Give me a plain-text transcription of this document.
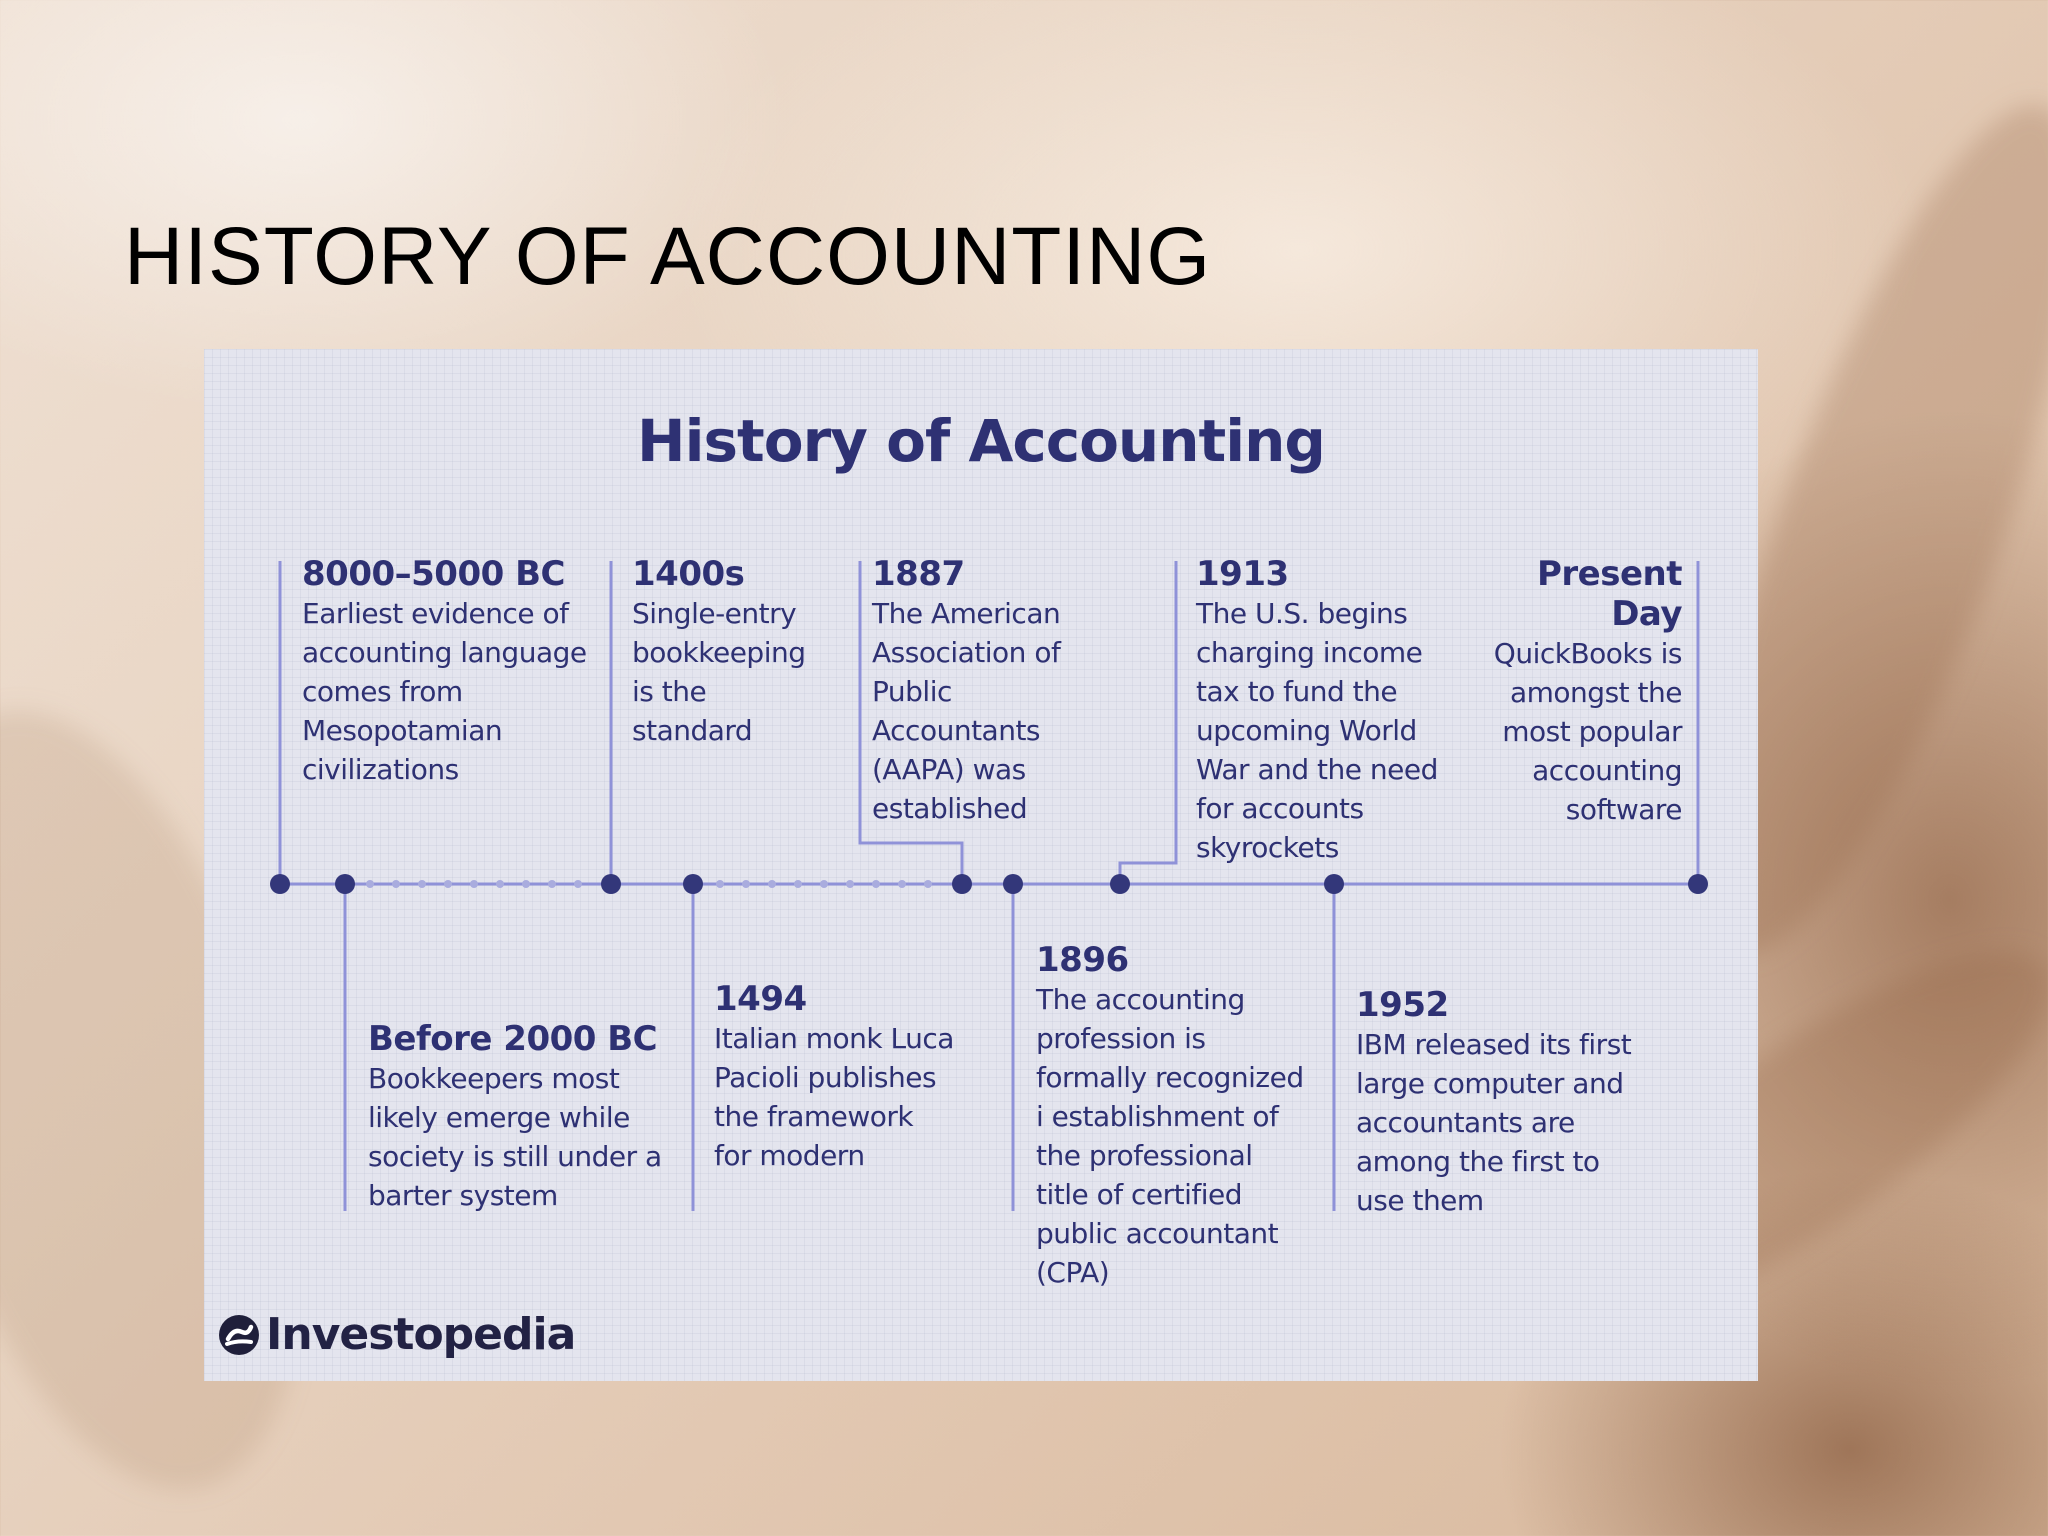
HISTORY OF ACCOUNTING
History of Accounting
8000–5000 BC
Earliest evidence of accounting language comes from Mesopotamian civilizations
1400s
Single-entry bookkeeping is the standard
1887
The American Association of Public Accountants (AAPA) was established
1913
The U.S. begins charging income tax to fund the upcoming World War and the need for accounts skyrockets
Present Day
QuickBooks is amongst the most popular accounting software
Before 2000 BC
Bookkeepers most likely emerge while society is still under a barter system
1494
Italian monk Luca Pacioli publishes the framework for modern
1896
The accounting profession is formally recognized i establishment of the professional title of certified public accountant (CPA)
1952
IBM released its first large computer and accountants are among the first to use them
Investopedia
